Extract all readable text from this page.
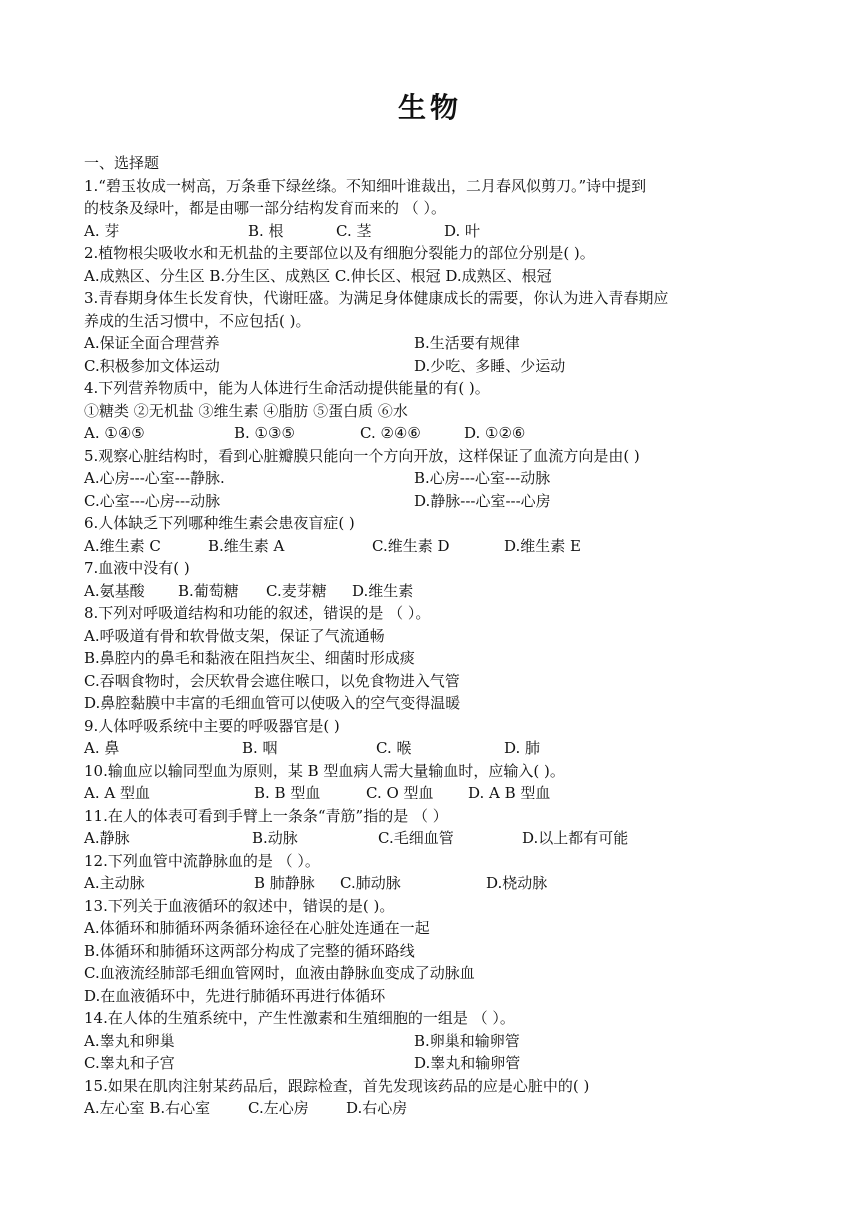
生物
一、选择题
1.“碧玉妆成一树高，万条垂下绿丝绦。不知细叶谁裁出，二月春风似剪刀。”诗中提到
的枝条及绿叶，都是由哪一部分结构发育而来的 （ ）。
A. 芽	B. 根	C. 茎	D. 叶
2.植物根尖吸收水和无机盐的主要部位以及有细胞分裂能力的部位分别是( )。
A.成熟区、分生区 B.分生区、成熟区 C.伸长区、根冠 D.成熟区、根冠
3.青春期身体生长发育快，代谢旺盛。为满足身体健康成长的需要，你认为进入青春期应
养成的生活习惯中，不应包括( )。
A.保证全面合理营养	B.生活要有规律
C.积极参加文体运动	D.少吃、多睡、少运动
4.下列营养物质中，能为人体进行生命活动提供能量的有( )。
①糖类 ②无机盐 ③维生素 ④脂肪 ⑤蛋白质 ⑥水
A. ①④⑤	B. ①③⑤	C. ②④⑥	D. ①②⑥
5.观察心脏结构时，看到心脏瓣膜只能向一个方向开放，这样保证了血流方向是由( )
A.心房---心室---静脉.	B.心房---心室---动脉
C.心室---心房---动脉	D.静脉---心室---心房
6.人体缺乏下列哪种维生素会患夜盲症( )
A.维生素 C	B.维生素 A	C.维生素 D	D.维生素 E
7.血液中没有( )
A.氨基酸 B.葡萄糖 C.麦芽糖 D.维生素
8.下列对呼吸道结构和功能的叙述，错误的是 （ ）。
A.呼吸道有骨和软骨做支架，保证了气流通畅
B.鼻腔内的鼻毛和黏液在阻挡灰尘、细菌时形成痰
C.吞咽食物时，会厌软骨会遮住喉口，以免食物进入气管
D.鼻腔黏膜中丰富的毛细血管可以使吸入的空气变得温暖
9.人体呼吸系统中主要的呼吸器官是( )
A. 鼻	B. 咽	C. 喉	D. 肺
10.输血应以输同型血为原则，某 B 型血病人需大量输血时，应输入( )。
A. A 型血	B. B 型血	C. O 型血 D. A B 型血
11.在人的体表可看到手臂上一条条“青筋”指的是 （ ）
A.静脉	B.动脉	C.毛细血管	D.以上都有可能
12.下列血管中流静脉血的是 （ ）。
A.主动脉	B 肺静脉 C.肺动脉	D.桡动脉
13.下列关于血液循环的叙述中，错误的是( )。
A.体循环和肺循环两条循环途径在心脏处连通在一起
B.体循环和肺循环这两部分构成了完整的循环路线
C.血液流经肺部毛细血管网时，血液由静脉血变成了动脉血
D.在血液循环中，先进行肺循环再进行体循环
14.在人体的生殖系统中，产生性激素和生殖细胞的一组是 （ ）。
A.睾丸和卵巢	B.卵巢和输卵管
C.睾丸和子宫	D.睾丸和输卵管
15.如果在肌肉注射某药品后，跟踪检查，首先发现该药品的应是心脏中的( )
A.左心室 B.右心室	C.左心房 D.右心房
